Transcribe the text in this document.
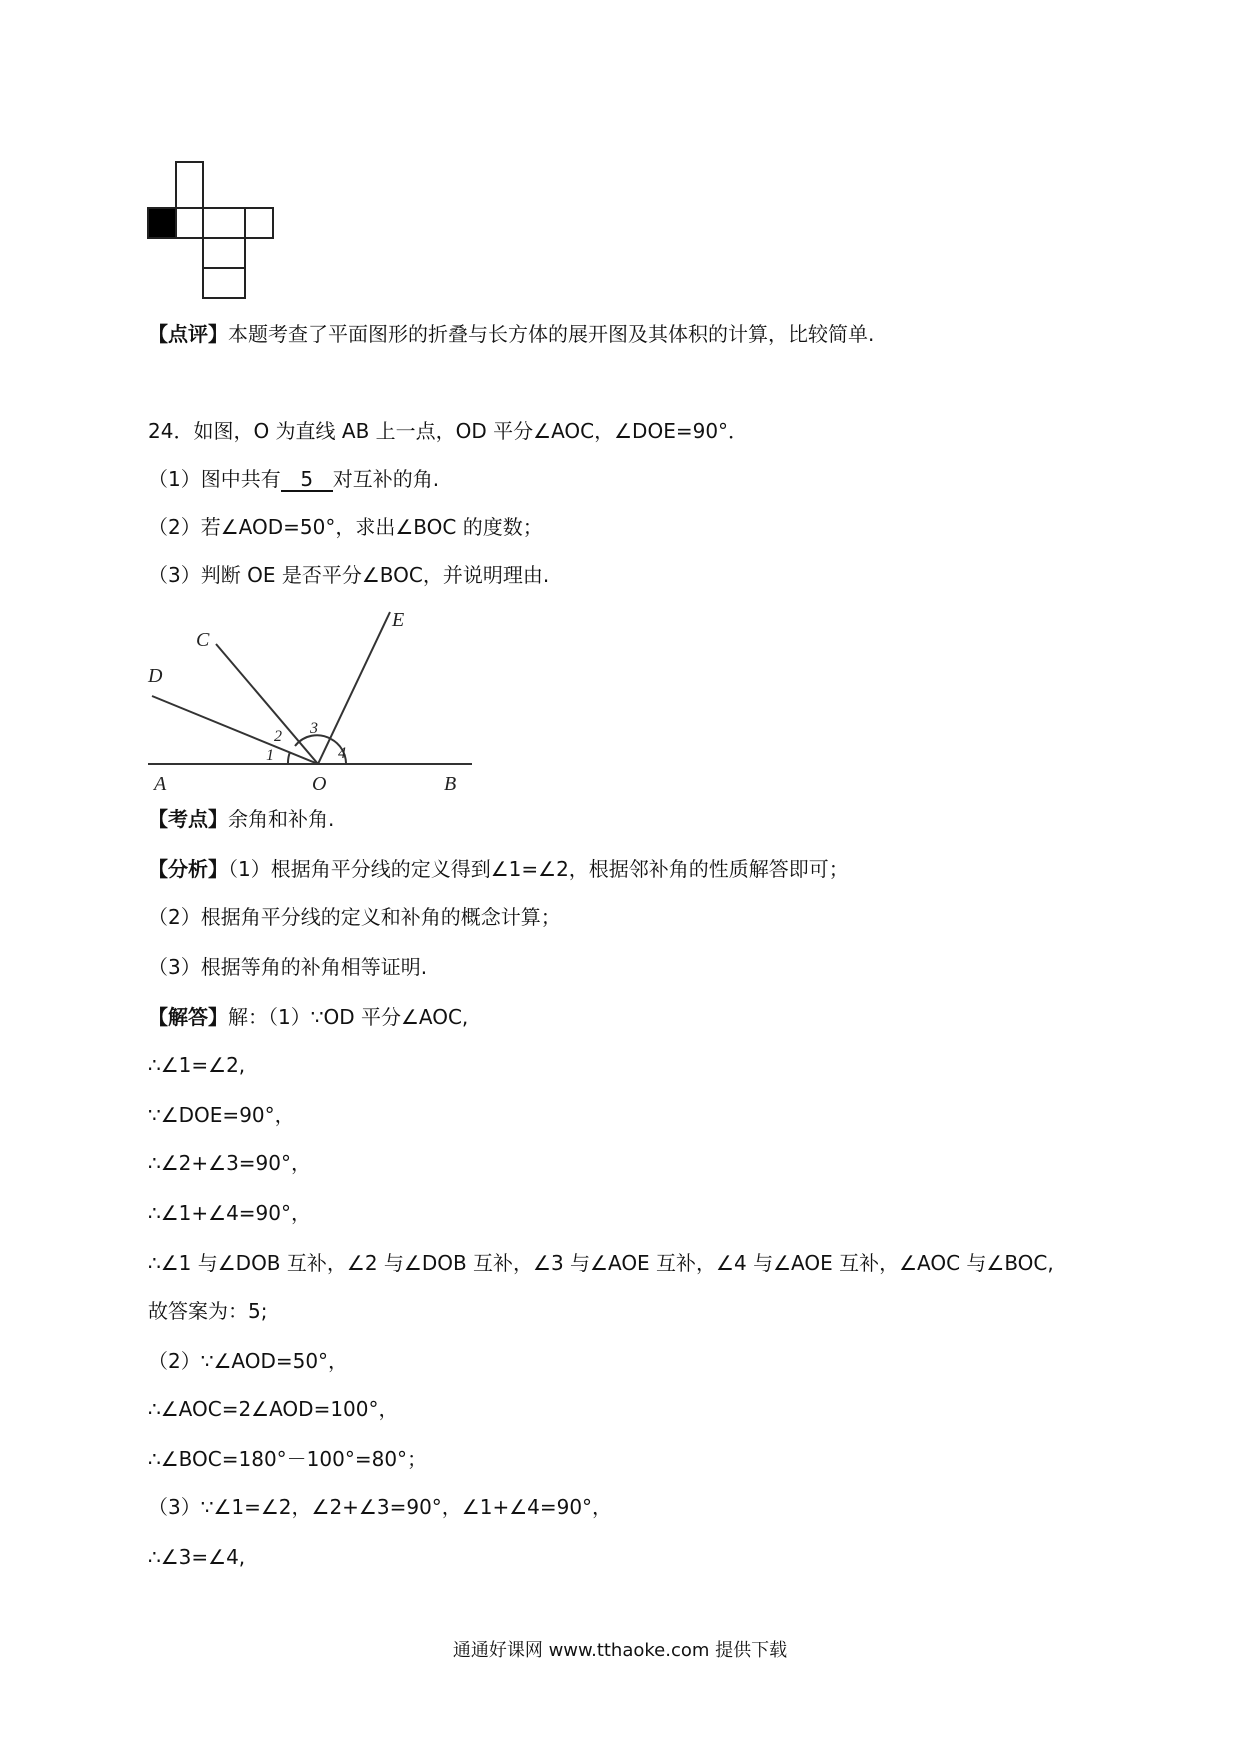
【点评】本题考查了平面图形的折叠与长方体的展开图及其体积的计算，比较简单.
24．如图，O 为直线 AB 上一点，OD 平分∠AOC，∠DOE=90°．
（1）图中共有 5 对互补的角.
（2）若∠AOD=50°，求出∠BOC 的度数；
（3）判断 OE 是否平分∠BOC，并说明理由.
A	B
O
C
D
E
1
2 3
4
【考点】余角和补角.
【分析】（1）根据角平分线的定义得到∠1=∠2，根据邻补角的性质解答即可；
（2）根据角平分线的定义和补角的概念计算；
（3）根据等角的补角相等证明.
【解答】解：（1）∵OD 平分∠AOC,
∴∠1=∠2,
∵∠DOE=90°，
∴∠2+∠3=90°，
∴∠1+∠4=90°，
∴∠1 与∠DOB 互补，∠2 与∠DOB 互补，∠3 与∠AOE 互补，∠4 与∠AOE 互补，∠AOC 与∠BOC,
故答案为：5;
（2）∵∠AOD=50°，
∴∠AOC=2∠AOD=100°，
∴∠BOC=180°－100°=80°；
（3）∵∠1=∠2，∠2+∠3=90°，∠1+∠4=90°，
∴∠3=∠4,
通通好课网 www.tthaoke.com 提供下载
